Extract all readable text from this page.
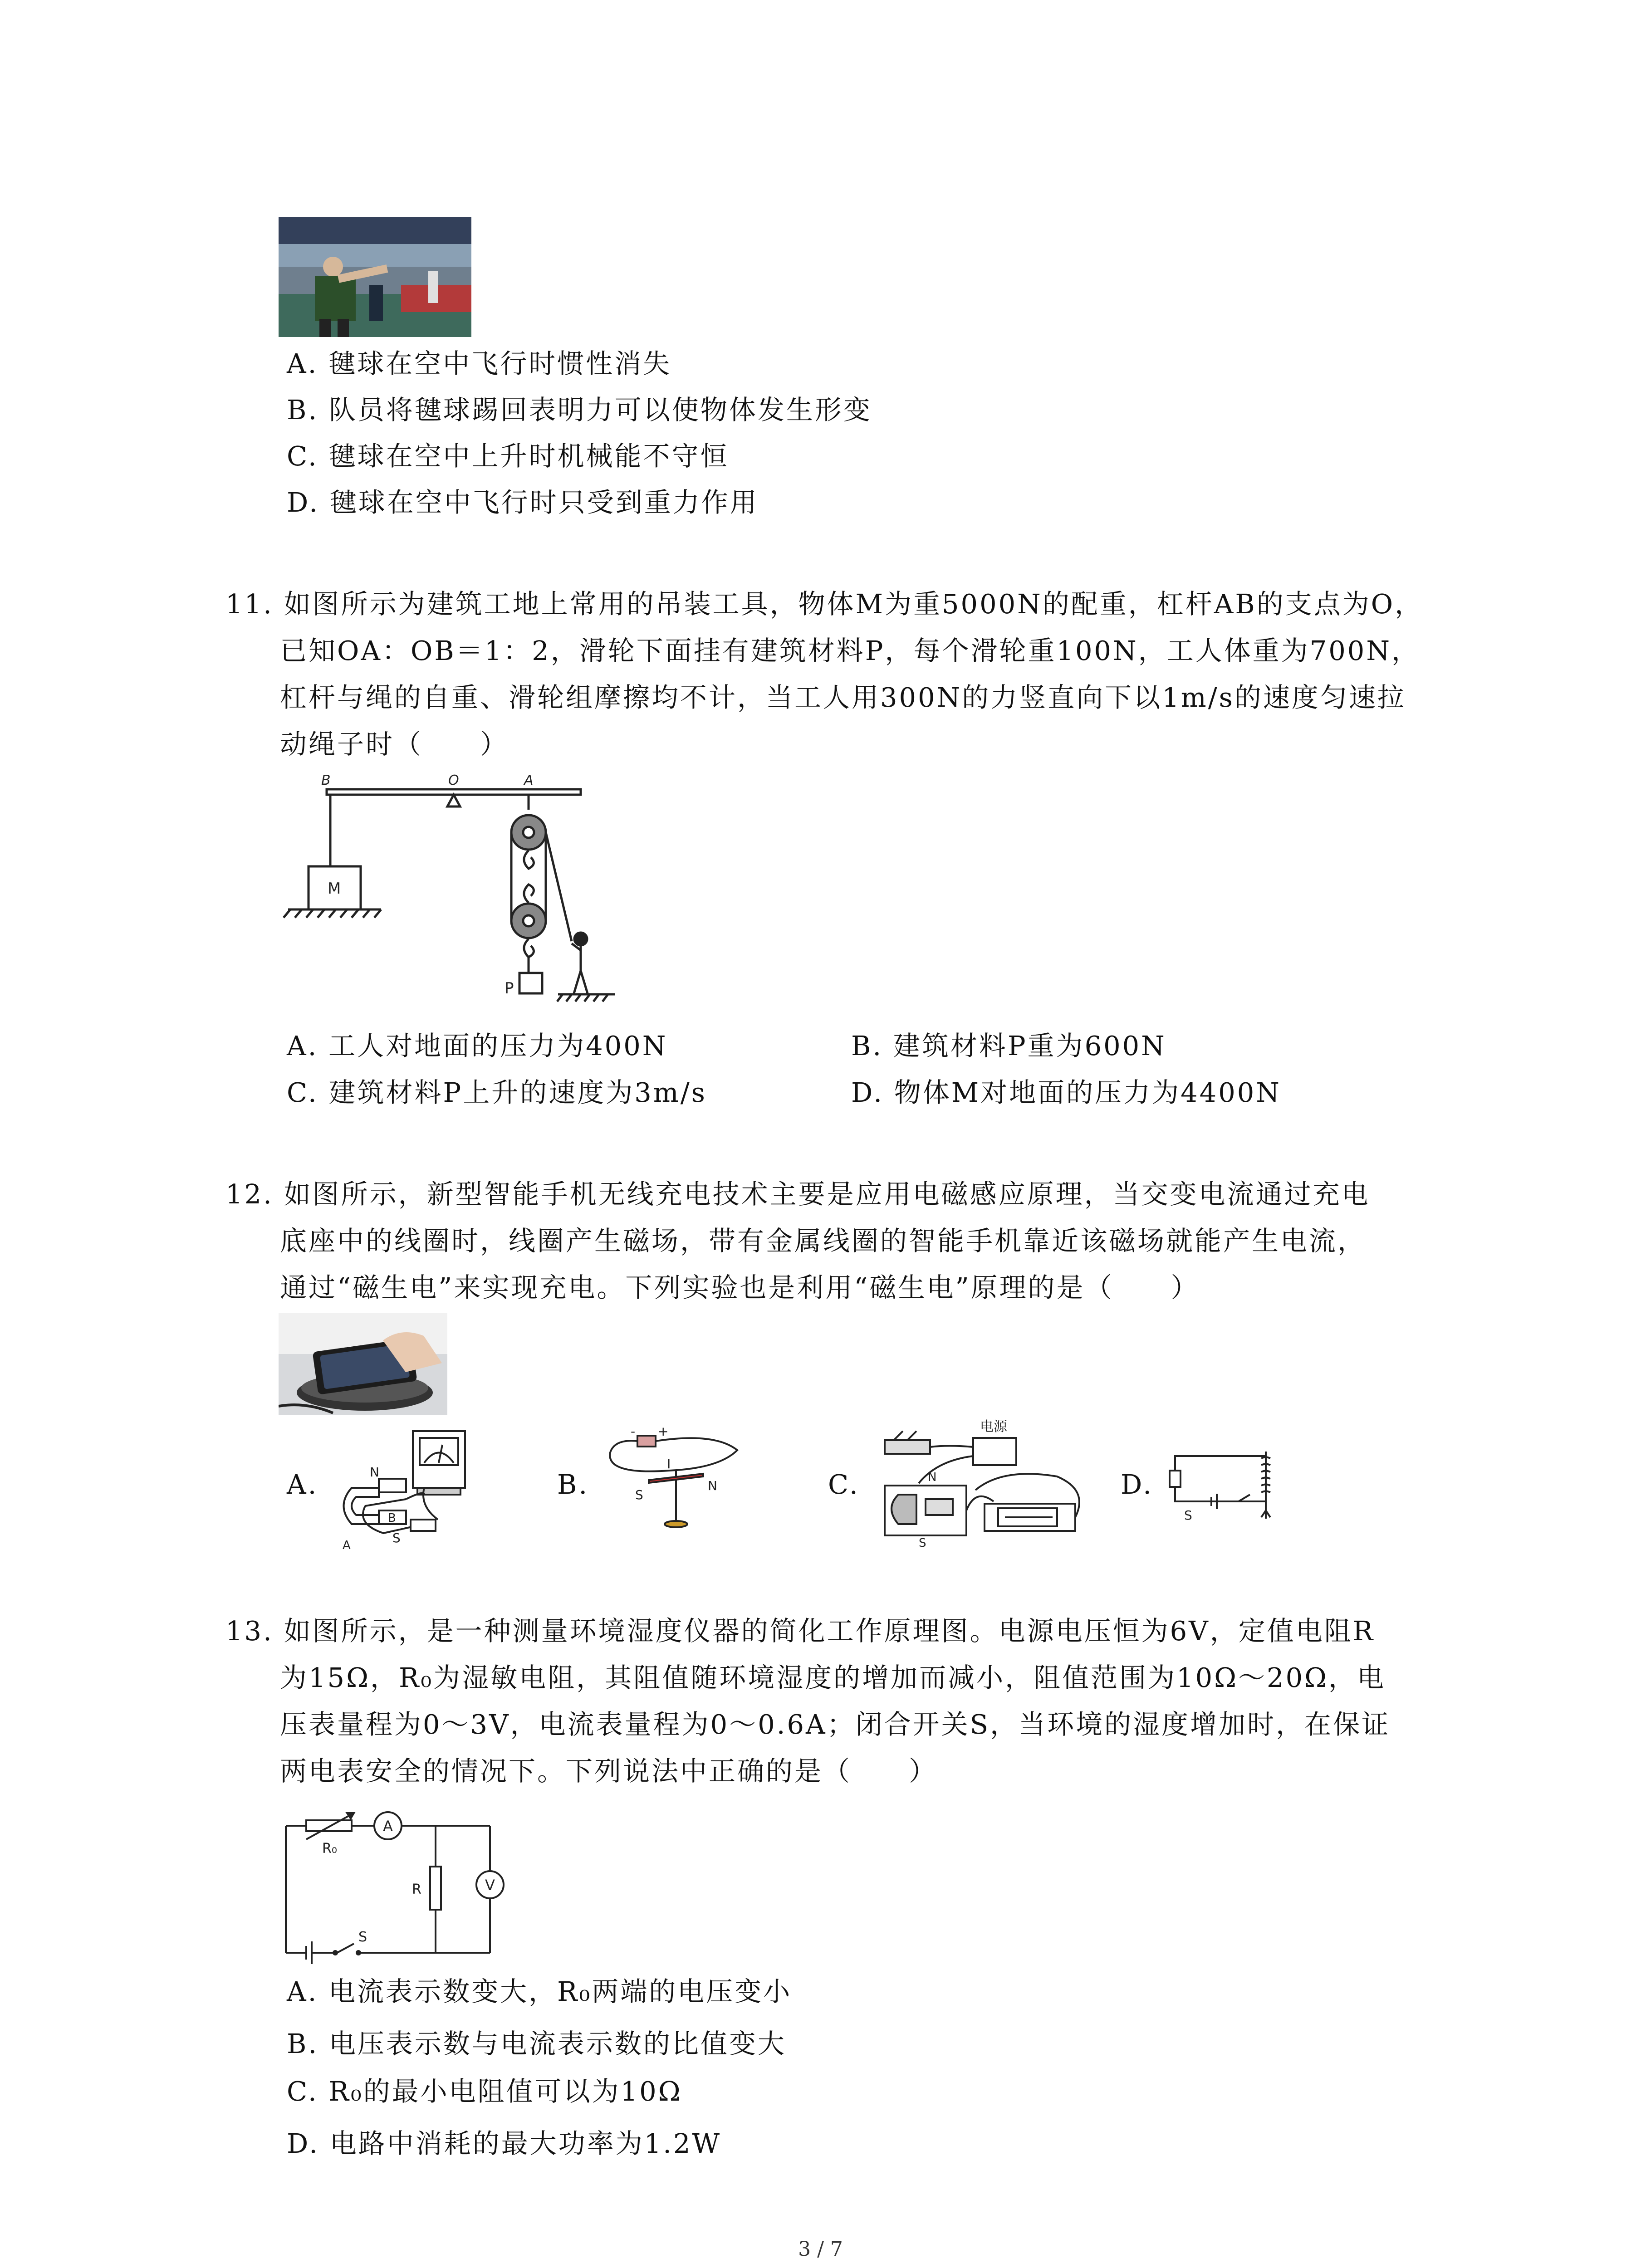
A. 毽球在空中飞行时惯性消失
B. 队员将毽球踢回表明力可以使物体发生形变
C. 毽球在空中上升时机械能不守恒
D. 毽球在空中飞行时只受到重力作用
11. 如图所示为建筑工地上常用的吊装工具，物体M为重5000N的配重，杠杆AB的支点为O，
已知OA：OB＝1：2，滑轮下面挂有建筑材料P，每个滑轮重100N，工人体重为700N，
杠杆与绳的自重、滑轮组摩擦均不计，当工人用300N的力竖直向下以1m/s的速度匀速拉
动绳子时（　　）
B	O	A
M
P
A. 工人对地面的压力为400N	B. 建筑材料P重为600N
C. 建筑材料P上升的速度为3m/s	D. 物体M对地面的压力为4400N
12. 如图所示，新型智能手机无线充电技术主要是应用电磁感应原理，当交变电流通过充电
底座中的线圈时，线圈产生磁场，带有金属线圈的智能手机靠近该磁场就能产生电流，
通过“磁生电”来实现充电。下列实验也是利用“磁生电”原理的是（　　）
A.	B.	C.	D.
N
S
A
B
+
-
I
S
N
电源
N
S
S
13. 如图所示，是一种测量环境湿度仪器的简化工作原理图。电源电压恒为6V，定值电阻R
为15Ω，R₀为湿敏电阻，其阻值随环境湿度的增加而减小，阻值范围为10Ω～20Ω，电
压表量程为0～3V，电流表量程为0～0.6A；闭合开关S，当环境的湿度增加时，在保证
两电表安全的情况下。下列说法中正确的是（　　）
R₀
A
R	V
S
A. 电流表示数变大，R₀两端的电压变小
B. 电压表示数与电流表示数的比值变大
C. R₀的最小电阻值可以为10Ω
D. 电路中消耗的最大功率为1.2W
3 / 7
